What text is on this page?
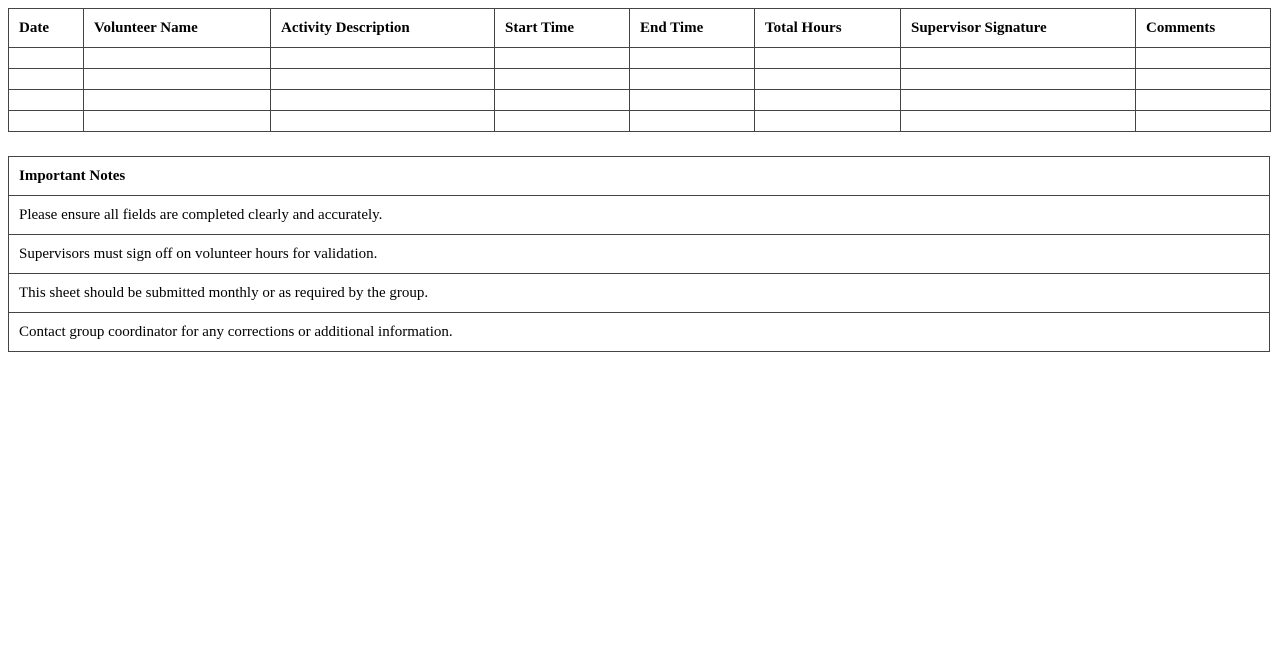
Date	Volunteer Name	Activity Description	Start Time	End Time	Total Hours	Supervisor Signature	Comments

Important Notes
Please ensure all fields are completed clearly and accurately.
Supervisors must sign off on volunteer hours for validation.
This sheet should be submitted monthly or as required by the group.
Contact group coordinator for any corrections or additional information.
